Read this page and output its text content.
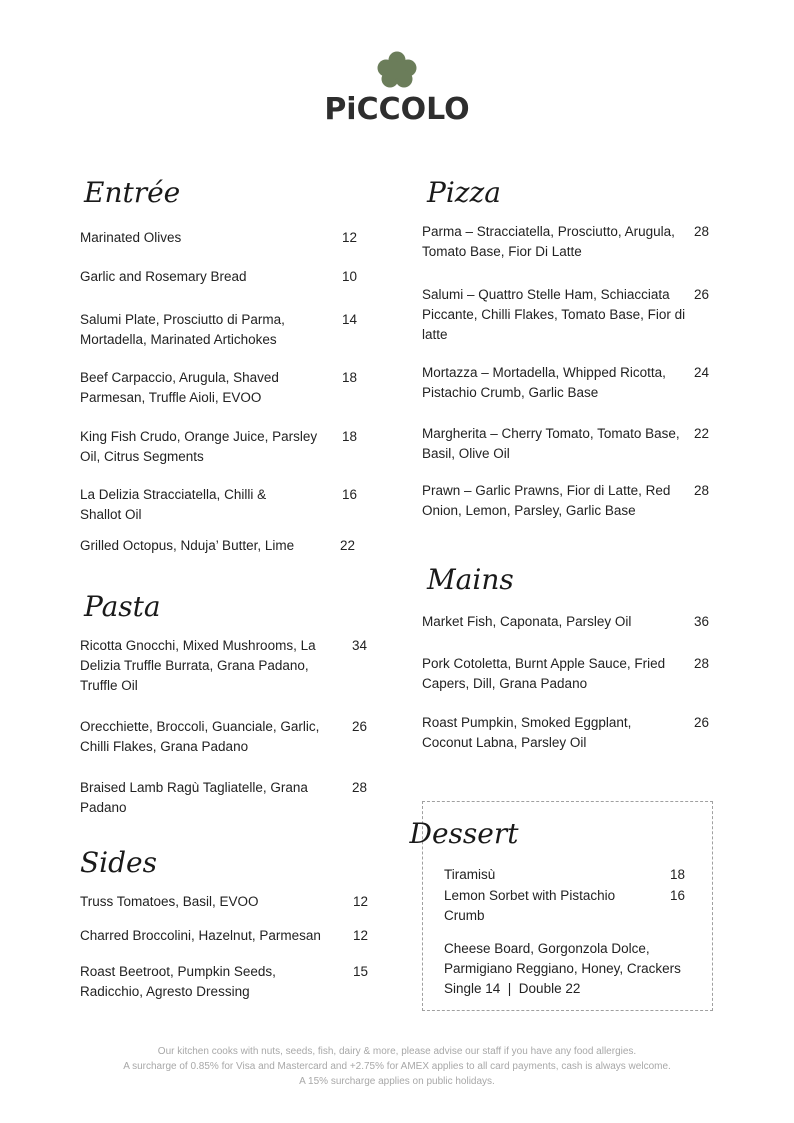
PiCCOLO
Entrée
Marinated Olives	12
Garlic and Rosemary Bread	10
Salumi Plate, Prosciutto di Parma, Mortadella, Marinated Artichokes
14
Beef Carpaccio, Arugula, Shaved Parmesan, Truffle Aioli, EVOO
18
King Fish Crudo, Orange Juice, Parsley Oil, Citrus Segments
18
La Delizia Stracciatella, Chilli & Shallot Oil
16
Grilled Octopus, Nduja’ Butter, Lime	22
Pasta
Ricotta Gnocchi, Mixed Mushrooms, La Delizia Truffle Burrata, Grana Padano, Truffle Oil
34
Orecchiette, Broccoli, Guanciale, Garlic, Chilli Flakes, Grana Padano
26
Braised Lamb Ragù Tagliatelle, Grana Padano
28
Sides
Truss Tomatoes, Basil, EVOO	12
Charred Broccolini, Hazelnut, Parmesan	12
Roast Beetroot, Pumpkin Seeds, Radicchio, Agresto Dressing
15
Pizza
Parma – Stracciatella, Prosciutto, Arugula, Tomato Base, Fior Di Latte
28
Salumi – Quattro Stelle Ham, Schiacciata Piccante, Chilli Flakes, Tomato Base, Fior di latte
26
Mortazza – Mortadella, Whipped Ricotta, Pistachio Crumb, Garlic Base
24
Margherita – Cherry Tomato, Tomato Base, Basil, Olive Oil
22
Prawn – Garlic Prawns, Fior di Latte, Red Onion, Lemon, Parsley, Garlic Base
28
Mains
Market Fish, Caponata, Parsley Oil	36
Pork Cotoletta, Burnt Apple Sauce, Fried Capers, Dill, Grana Padano
28
Roast Pumpkin, Smoked Eggplant, Coconut Labna, Parsley Oil
26
Dessert
Tiramisù	18
Lemon Sorbet with Pistachio Crumb
16
Cheese Board, Gorgonzola Dolce, Parmigiano Reggiano, Honey, Crackers
Single 14  |  Double 22
Our kitchen cooks with nuts, seeds, fish, dairy & more, please advise our staff if you have any food allergies.
A surcharge of 0.85% for Visa and Mastercard and +2.75% for AMEX applies to all card payments, cash is always welcome.
A 15% surcharge applies on public holidays.
